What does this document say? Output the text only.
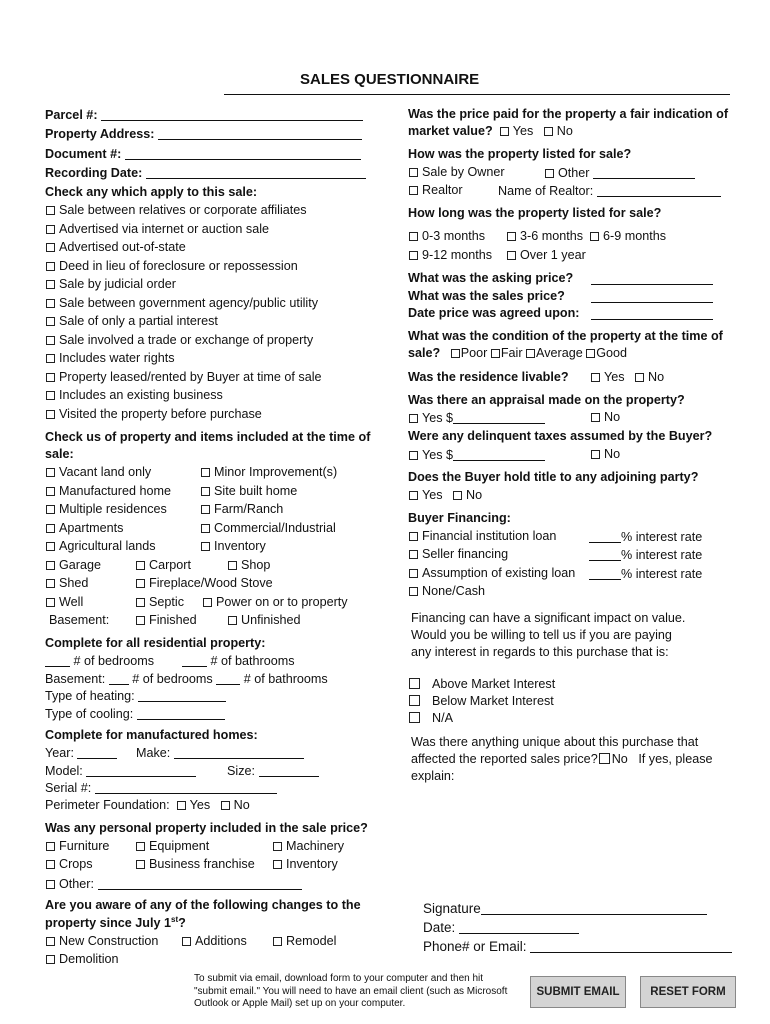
SALES QUESTIONNAIRE
Parcel #:
Property Address:
Document #:
Recording Date:
Check any which apply to this sale:
Sale between relatives or corporate affiliates
Advertised via internet or auction sale
Advertised out-of-state
Deed in lieu of foreclosure or repossession
Sale by judicial order
Sale between government agency/public utility
Sale of only a partial interest
Sale involved a trade or exchange of property
Includes water rights
Property leased/rented by Buyer at time of sale
Includes an existing business
Visited the property before purchase
Check us of property and items included at the time of
sale:
Vacant land only	Minor Improvement(s)
Manufactured home	Site built home
Multiple residences	Farm/Ranch
Apartments	Commercial/Industrial
Agricultural lands	Inventory
Garage	Carport	Shop
Shed	Fireplace/Wood Stove
Well	Septic	Power on or to property
Basement:	Finished	Unfinished
Complete for all residential property:
# of bedrooms	# of bathrooms
Basement: # of bedrooms # of bathrooms
Type of heating:
Type of cooling:
Complete for manufactured homes:
Year:	Make:
Model:	Size:
Serial #:
Perimeter Foundation: Yes No
Was any personal property included in the sale price?
Furniture	Equipment	Machinery
Crops	Business franchise	Inventory
Other:
Are you aware of any of the following changes to the
property since July 1st?
New Construction	Additions	Remodel
Demolition
Was the price paid for the property a fair indication of
market value? Yes No
How was the property listed for sale?
Sale by Owner	Other
Realtor	Name of Realtor:
How long was the property listed for sale?
0-3 months	3-6 months	6-9 months
9-12 months	Over 1 year
What was the asking price?
What was the sales price?
Date price was agreed upon:
What was the condition of the property at the time of
sale? Poor Fair Average Good
Was the residence livable?	Yes No
Was there an appraisal made on the property?
Yes $	No
Were any delinquent taxes assumed by the Buyer?
Yes $	No
Does the Buyer hold title to any adjoining party?
Yes No
Buyer Financing:
Financial institution loan	% interest rate
Seller financing	% interest rate
Assumption of existing loan	% interest rate
None/Cash
Financing can have a significant impact on value.
Would you be willing to tell us if you are paying
any interest in regards to this purchase that is:
Above Market Interest
Below Market Interest
N/A
Was there anything unique about this purchase that
affected the reported sales price? No If yes, please
explain:
Signature
Date:
Phone# or Email:
To submit via email, download form to your computer and then hit "submit email." You will need to have an email client (such as Microsoft Outlook or Apple Mail) set up on your computer.
SUBMIT EMAIL	RESET FORM
